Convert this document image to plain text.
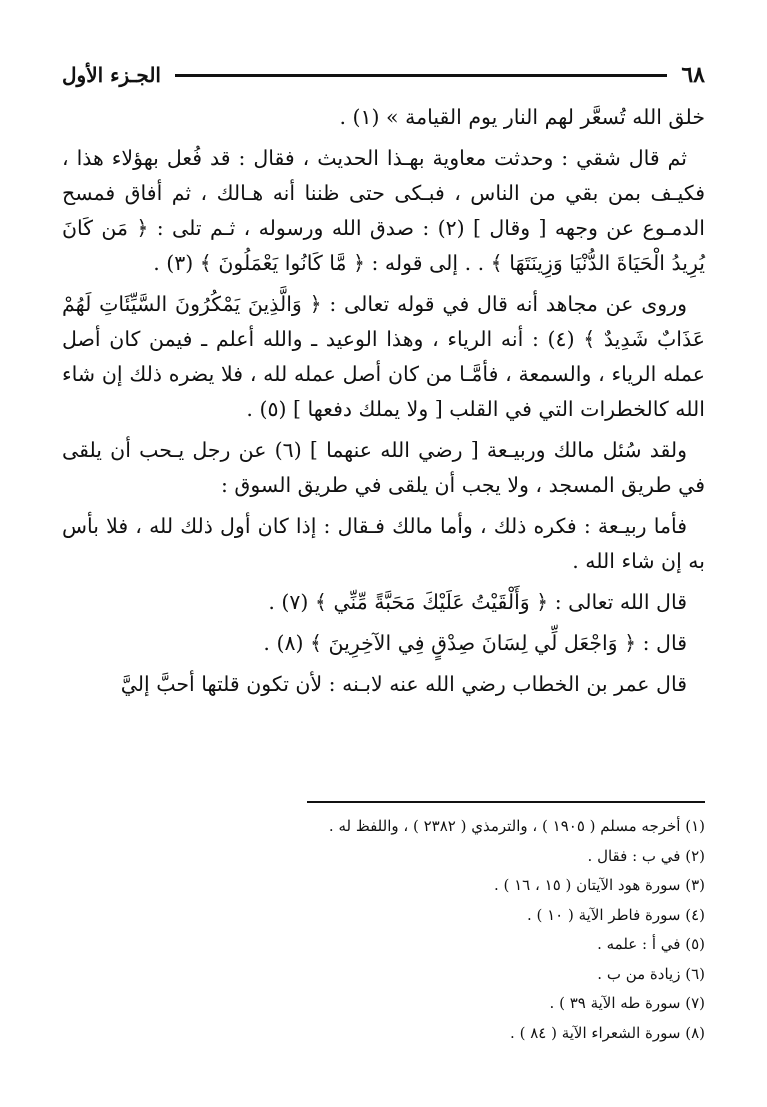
٦٨
الجـزء الأول

خلق الله تُسعَّر لهم النار يوم القيامة » (١) .

ثم قال شقي : وحدثت معاوية بهـذا الحديث ، فقال : قد فُعل بهؤلاء هذا ، فكيـف بمن بقي من الناس ، فبـكى حتى ظننا أنه هـالك ، ثم أفاق فمسح الدمـوع عن وجهه [ وقال ] (٢) : صدق الله ورسوله ، ثـم تلى : ﴿ مَن كَانَ يُرِيدُ الْحَيَاةَ الدُّنْيَا وَزِينَتَهَا ﴾ . . إلى قوله : ﴿ مَّا كَانُوا يَعْمَلُونَ ﴾ (٣) .

وروى عن مجاهد أنه قال في قوله تعالى : ﴿ وَالَّذِينَ يَمْكُرُونَ السَّيِّئَاتِ لَهُمْ عَذَابٌ شَدِيدٌ ﴾ (٤) : أنه الرياء ، وهذا الوعيد ـ والله أعلم ـ فيمن كان أصل عمله الرياء ، والسمعة ، فأمَّـا من كان أصل عمله لله ، فلا يضره ذلك إن شاء الله كالخطرات التي في القلب [ ولا يملك دفعها ] (٥) .

ولقد سُئل مالك وربيـعة [ رضي الله عنهما ] (٦) عن رجل يـحب أن يلقى في طريق المسجد ، ولا يجب أن يلقى في طريق السوق :

فأما ربيـعة : فكره ذلك ، وأما مالك فـقال : إذا كان أول ذلك لله ، فلا بأس به إن شاء الله .

قال الله تعالى : ﴿ وَأَلْقَيْتُ عَلَيْكَ مَحَبَّةً مِّنِّي ﴾ (٧) .

قال : ﴿ وَاجْعَل لِّي لِسَانَ صِدْقٍ فِي الآخِرِينَ ﴾ (٨) .

قال عمر بن الخطاب رضي الله عنه لابـنه : لأن تكون قلتها أحبَّ إليَّ

(١) أخرجه مسلم ( ١٩٠٥ ) ، والترمذي ( ٢٣٨٢ ) ، واللفظ له .
(٢) في ب : فقال .
(٣) سورة هود الآيتان ( ١٥ ، ١٦ ) .
(٤) سورة فاطر الآية ( ١٠ ) .
(٥) في أ : علمه .
(٦) زيادة من ب .
(٧) سورة طه الآية ٣٩ ) .
(٨) سورة الشعراء الآية ( ٨٤ ) .
